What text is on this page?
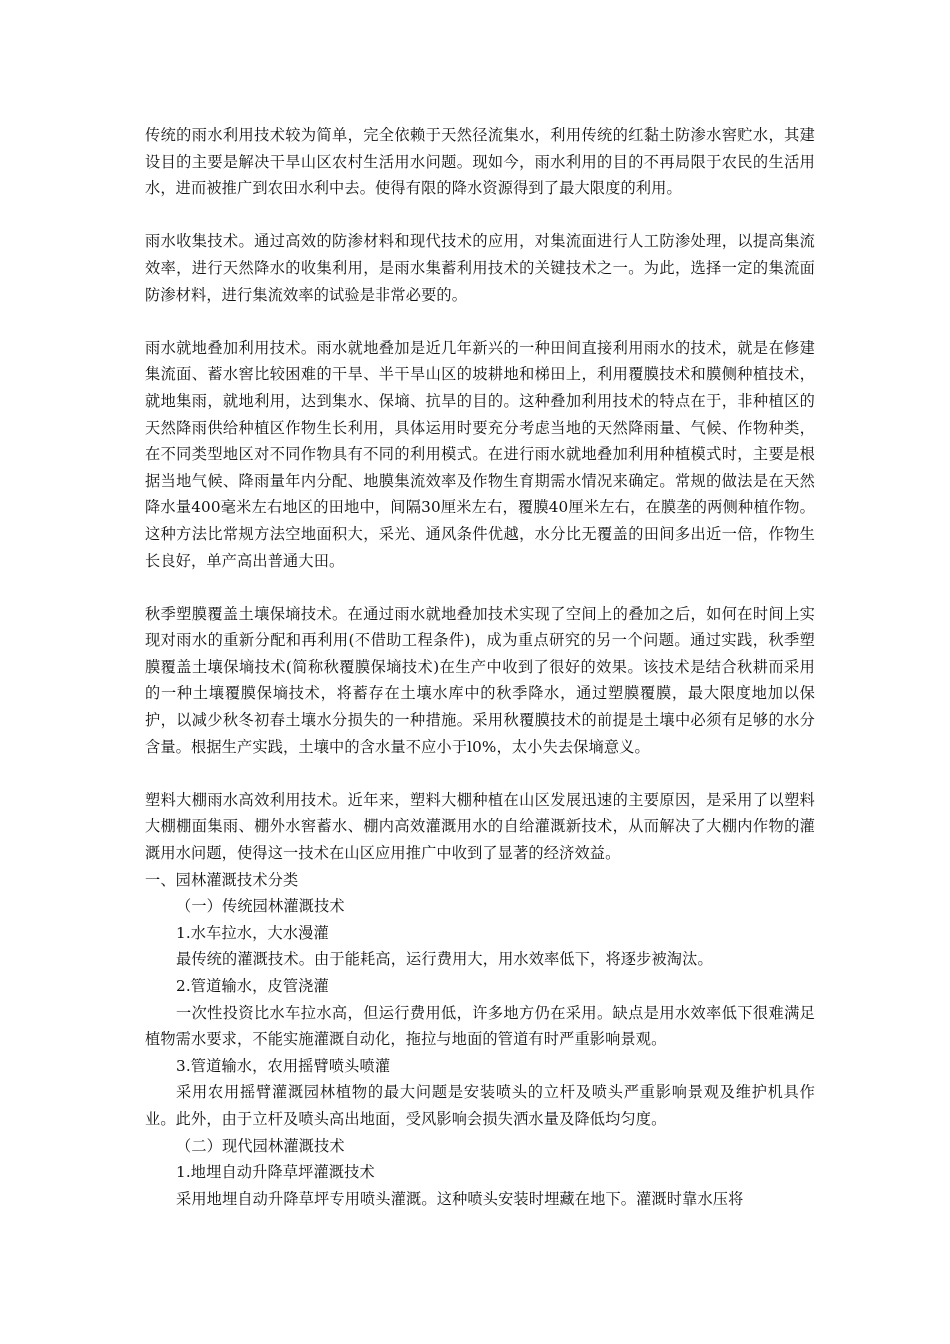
传统的雨水利用技术较为简单，完全依赖于天然径流集水，利用传统的红黏土防渗水窖贮水，其建设目的主要是解决干旱山区农村生活用水问题。现如今，雨水利用的目的不再局限于农民的生活用水，进而被推广到农田水利中去。使得有限的降水资源得到了最大限度的利用。

雨水收集技术。通过高效的防渗材料和现代技术的应用，对集流面进行人工防渗处理，以提高集流效率，进行天然降水的收集利用，是雨水集蓄利用技术的关键技术之一。为此，选择一定的集流面防渗材料，进行集流效率的试验是非常必要的。

雨水就地叠加利用技术。雨水就地叠加是近几年新兴的一种田间直接利用雨水的技术，就是在修建集流面、蓄水窖比较困难的干旱、半干旱山区的坡耕地和梯田上，利用覆膜技术和膜侧种植技术，就地集雨，就地利用，达到集水、保墒、抗旱的目的。这种叠加利用技术的特点在于，非种植区的天然降雨供给种植区作物生长利用，具体运用时要充分考虑当地的天然降雨量、气候、作物种类，在不同类型地区对不同作物具有不同的利用模式。在进行雨水就地叠加利用种植模式时，主要是根据当地气候、降雨量年内分配、地膜集流效率及作物生育期需水情况来确定。常规的做法是在天然降水量400毫米左右地区的田地中，间隔30厘米左右，覆膜40厘米左右，在膜垄的两侧种植作物。这种方法比常规方法空地面积大，采光、通风条件优越，水分比无覆盖的田间多出近一倍，作物生长良好，单产高出普通大田。

秋季塑膜覆盖土壤保墒技术。在通过雨水就地叠加技术实现了空间上的叠加之后，如何在时间上实现对雨水的重新分配和再利用(不借助工程条件)，成为重点研究的另一个问题。通过实践，秋季塑膜覆盖土壤保墒技术(简称秋覆膜保墒技术)在生产中收到了很好的效果。该技术是结合秋耕而采用的一种土壤覆膜保墒技术，将蓄存在土壤水库中的秋季降水，通过塑膜覆膜，最大限度地加以保护，以减少秋冬初春土壤水分损失的一种措施。采用秋覆膜技术的前提是土壤中必须有足够的水分含量。根据生产实践，土壤中的含水量不应小于l0%，太小失去保墒意义。

塑料大棚雨水高效利用技术。近年来，塑料大棚种植在山区发展迅速的主要原因，是采用了以塑料大棚棚面集雨、棚外水窖蓄水、棚内高效灌溉用水的自给灌溉新技术，从而解决了大棚内作物的灌溉用水问题，使得这一技术在山区应用推广中收到了显著的经济效益。

一、园林灌溉技术分类

（一）传统园林灌溉技术

1.水车拉水，大水漫灌

最传统的灌溉技术。由于能耗高，运行费用大，用水效率低下，将逐步被淘汰。

2.管道输水，皮管浇灌

一次性投资比水车拉水高，但运行费用低，许多地方仍在采用。缺点是用水效率低下很难满足植物需水要求，不能实施灌溉自动化，拖拉与地面的管道有时严重影响景观。

3.管道输水，农用摇臂喷头喷灌

采用农用摇臂灌溉园林植物的最大问题是安装喷头的立杆及喷头严重影响景观及维护机具作业。此外，由于立杆及喷头高出地面，受风影响会损失洒水量及降低均匀度。

（二）现代园林灌溉技术

1.地埋自动升降草坪灌溉技术

采用地埋自动升降草坪专用喷头灌溉。这种喷头安装时埋藏在地下。灌溉时靠水压将
